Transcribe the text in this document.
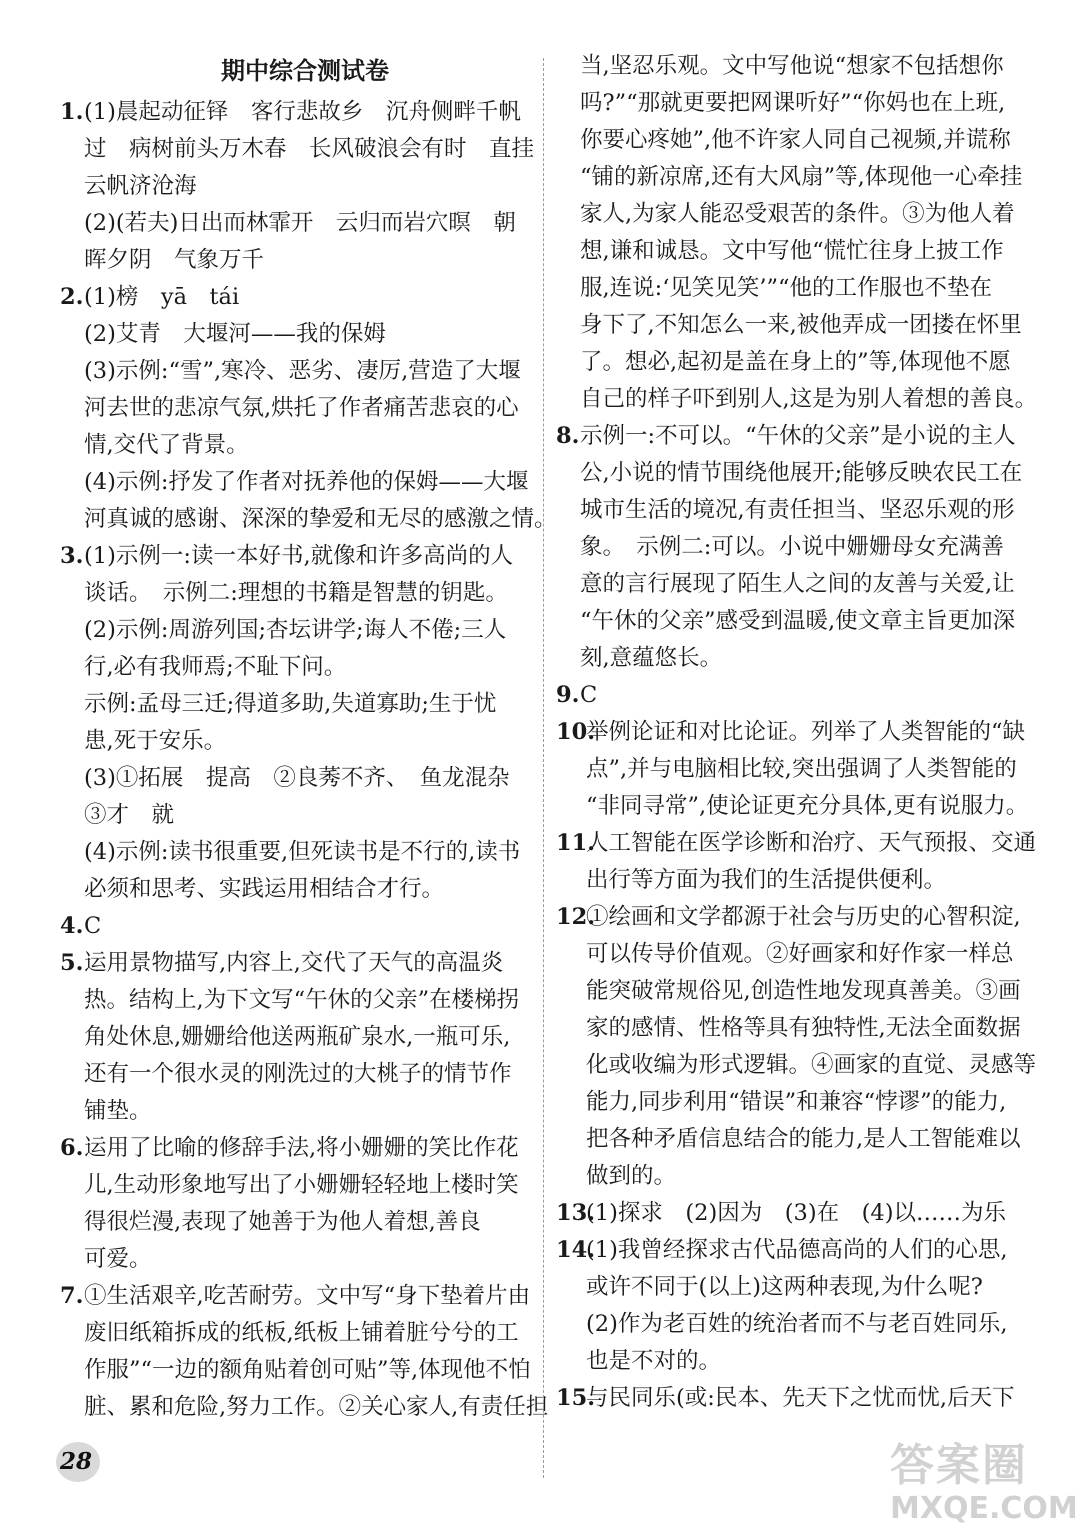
期中综合测试卷
1. (1)晨起动征铎　客行悲故乡　沉舟侧畔千帆
过　病树前头万木春　长风破浪会有时　直挂
云帆济沧海
(2)(若夫)日出而林霏开　云归而岩穴暝　朝
晖夕阴　气象万千
2. (1)榜　yā　tái
(2)艾青　大堰河——我的保姆
(3)示例:“雪”,寒冷、恶劣、凄厉,营造了大堰
河去世的悲凉气氛,烘托了作者痛苦悲哀的心
情,交代了背景。
(4)示例:抒发了作者对抚养他的保姆——大堰
河真诚的感谢、深深的挚爱和无尽的感激之情。
3. (1)示例一:读一本好书,就像和许多高尚的人
谈话。　示例二:理想的书籍是智慧的钥匙。
(2)示例:周游列国;杏坛讲学;诲人不倦;三人
行,必有我师焉;不耻下问。
示例:孟母三迁;得道多助,失道寡助;生于忧
患,死于安乐。
(3)①拓展　提高　②良莠不齐、　鱼龙混杂
③才　就
(4)示例:读书很重要,但死读书是不行的,读书
必须和思考、实践运用相结合才行。
4. C
5. 运用景物描写,内容上,交代了天气的高温炎
热。结构上,为下文写“午休的父亲”在楼梯拐
角处休息,姗姗给他送两瓶矿泉水,一瓶可乐,
还有一个很水灵的刚洗过的大桃子的情节作
铺垫。
6. 运用了比喻的修辞手法,将小姗姗的笑比作花
儿,生动形象地写出了小姗姗轻轻地上楼时笑
得很烂漫,表现了她善于为他人着想,善良
可爱。
7. ①生活艰辛,吃苦耐劳。文中写“身下垫着片由
废旧纸箱拆成的纸板,纸板上铺着脏兮兮的工
作服”“一边的额角贴着创可贴”等,体现他不怕
脏、累和危险,努力工作。②关心家人,有责任担
当,坚忍乐观。文中写他说“想家不包括想你
吗?”“那就更要把网课听好”“你妈也在上班,
你要心疼她”,他不许家人同自己视频,并谎称
“铺的新凉席,还有大风扇”等,体现他一心牵挂
家人,为家人能忍受艰苦的条件。③为他人着
想,谦和诚恳。文中写他“慌忙往身上披工作
服,连说:‘见笑见笑’”“他的工作服也不垫在
身下了,不知怎么一来,被他弄成一团搂在怀里
了。想必,起初是盖在身上的”等,体现他不愿
自己的样子吓到别人,这是为别人着想的善良。
8. 示例一:不可以。“午休的父亲”是小说的主人
公,小说的情节围绕他展开;能够反映农民工在
城市生活的境况,有责任担当、坚忍乐观的形
象。　示例二:可以。小说中姗姗母女充满善
意的言行展现了陌生人之间的友善与关爱,让
“午休的父亲”感受到温暖,使文章主旨更加深
刻,意蕴悠长。
9. C
10.
举例论证和对比论证。列举了人类智能的“缺
点”,并与电脑相比较,突出强调了人类智能的
“非同寻常”,使论证更充分具体,更有说服力。
11.
人工智能在医学诊断和治疗、天气预报、交通
出行等方面为我们的生活提供便利。
12.
①绘画和文学都源于社会与历史的心智积淀,
可以传导价值观。②好画家和好作家一样总
能突破常规俗见,创造性地发现真善美。③画
家的感情、性格等具有独特性,无法全面数据
化或收编为形式逻辑。④画家的直觉、灵感等
能力,同步利用“错误”和兼容“悖谬”的能力,
把各种矛盾信息结合的能力,是人工智能难以
做到的。
13.
(1)探求　(2)因为　(3)在　(4)以……为乐
14.
(1)我曾经探求古代品德高尚的人们的心思,
或许不同于(以上)这两种表现,为什么呢?
(2)作为老百姓的统治者而不与老百姓同乐,
也是不对的。
15.
与民同乐(或:民本、先天下之忧而忧,后天下
28	答案圈
MXQE.COM
